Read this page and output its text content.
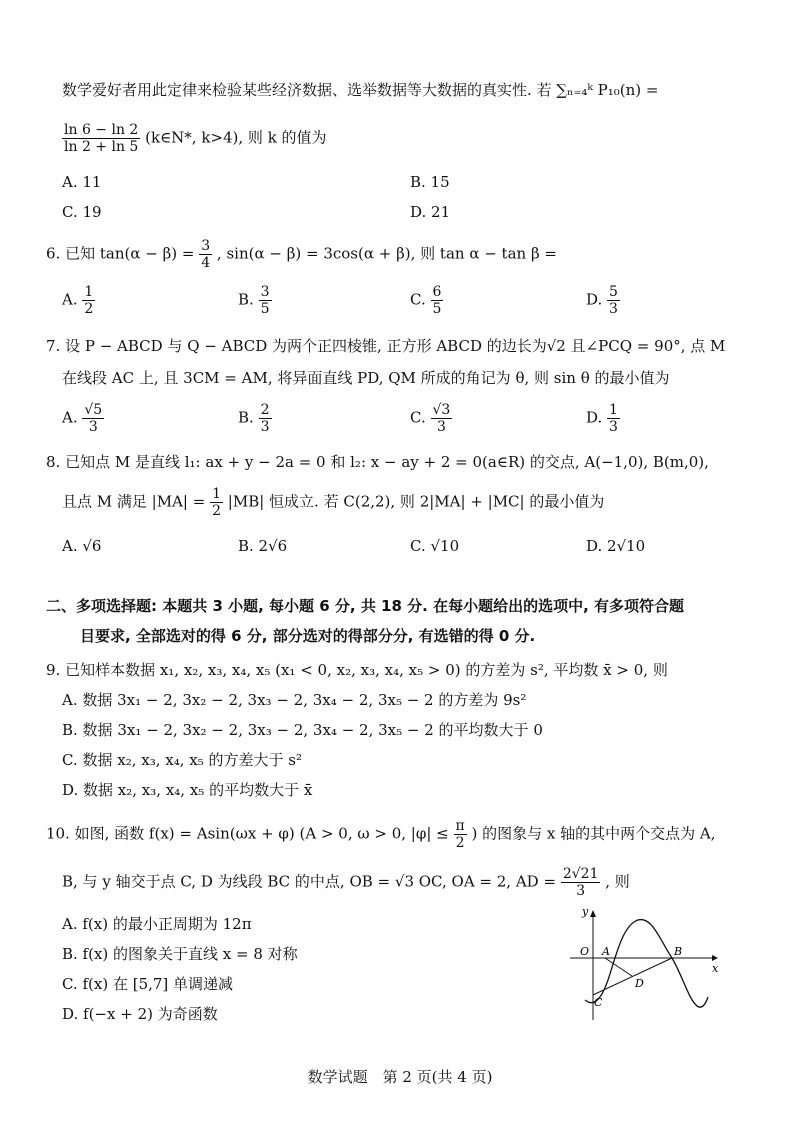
数学爱好者用此定律来检验某些经济数据、选举数据等大数据的真实性. 若 ∑ₙ₌₄ᵏ P₁₀(n) =
$\frac{\ln 6 - \ln 2}{\ln 2 + \ln 5}$ (k∈N*, k>4), 则 k 的值为
A. 11	B. 15
C. 19	D. 21
6. 已知 $\tan(\alpha - \beta) = \frac{3}{4}$ , sin(α − β) = 3cos(α + β), 则 tan α − tan β =
A. $\frac{1}{2}$	B. $\frac{3}{5}$	C. $\frac{6}{5}$	D. $\frac{5}{3}$
7. 设 P − ABCD 与 Q − ABCD 为两个正四棱锥, 正方形 ABCD 的边长为√2 且∠PCQ = 90°, 点 M
在线段 AC 上, 且 3CM = AM, 将异面直线 PD, QM 所成的角记为 θ, 则 sin θ 的最小值为
A. $\frac{√5}{3}$	B. $\frac{2}{3}$	C. $\frac{√3}{3}$	D. $\frac{1}{3}$
8. 已知点 M 是直线 l₁: ax + y − 2a = 0 和 l₂: x − ay + 2 = 0(a∈R) 的交点, A(−1,0), B(m,0),
且点 M 满足 $|MA| = \frac{1}{2} |MB|$ 恒成立. 若 C(2,2), 则 2|MA| + |MC| 的最小值为
A. √6	B. 2√6	C. √10	D. 2√10
二、多项选择题: 本题共 3 小题, 每小题 6 分, 共 18 分. 在每小题给出的选项中, 有多项符合题
目要求, 全部选对的得 6 分, 部分选对的得部分分, 有选错的得 0 分.
9. 已知样本数据 x₁, x₂, x₃, x₄, x₅ (x₁ < 0, x₂, x₃, x₄, x₅ > 0) 的方差为 s², 平均数 x̄ > 0, 则
A. 数据 3x₁ − 2, 3x₂ − 2, 3x₃ − 2, 3x₄ − 2, 3x₅ − 2 的方差为 9s²
B. 数据 3x₁ − 2, 3x₂ − 2, 3x₃ − 2, 3x₄ − 2, 3x₅ − 2 的平均数大于 0
C. 数据 x₂, x₃, x₄, x₅ 的方差大于 s²
D. 数据 x₂, x₃, x₄, x₅ 的平均数大于 x̄
10. 如图, 函数 f(x) = Asin(ωx + φ) (A > 0, ω > 0, $|\varphi| \le \frac{\pi}{2}$ ) 的图象与 x 轴的其中两个交点为 A,
B, 与 y 轴交于点 C, D 为线段 BC 的中点, OB = √3 OC, OA = 2, AD = $\frac{2√21}{3}$ , 则
A. f(x) 的最小正周期为 12π
B. f(x) 的图象关于直线 x = 8 对称
C. f(x) 在 [5,7] 单调递减
D. f(−x + 2) 为奇函数
y
x
O A	B
C
D
数学试题　第 2 页(共 4 页)
